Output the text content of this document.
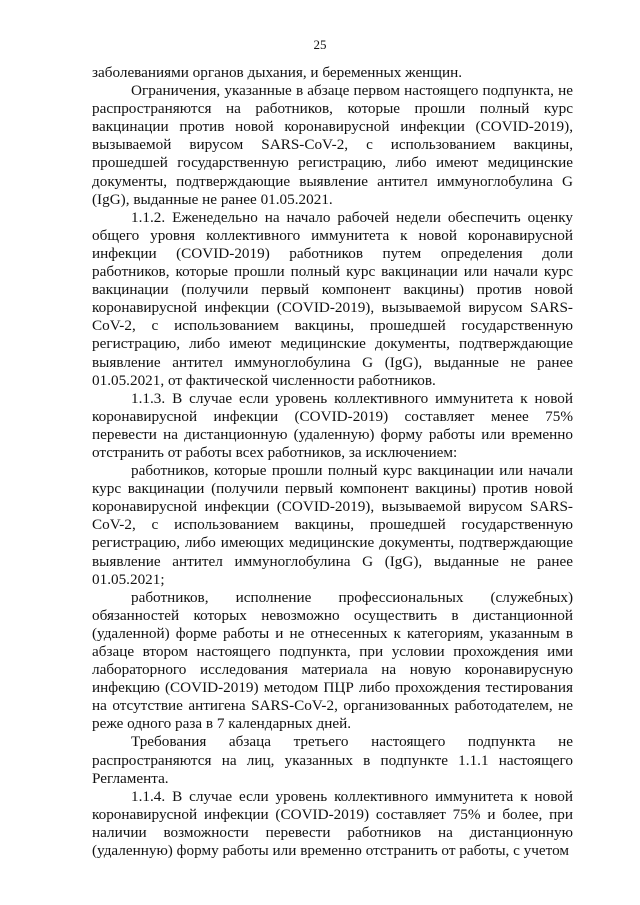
25

заболеваниями органов дыхания, и беременных женщин.

Ограничения, указанные в абзаце первом настоящего подпункта, не распространяются на работников, которые прошли полный курс вакцинации против новой коронавирусной инфекции (COVID-2019), вызываемой вирусом SARS-CoV-2, с использованием вакцины, прошедшей государственную регистрацию, либо имеют медицинские документы, подтверждающие выявление антител иммуноглобулина G (IgG), выданные не ранее 01.05.2021.

1.1.2. Еженедельно на начало рабочей недели обеспечить оценку общего уровня коллективного иммунитета к новой коронавирусной инфекции (COVID-2019) работников путем определения доли работников, которые прошли полный курс вакцинации или начали курс вакцинации (получили первый компонент вакцины) против новой коронавирусной инфекции (COVID-2019), вызываемой вирусом SARS-CoV-2, с использованием вакцины, прошедшей государственную регистрацию, либо имеют медицинские документы, подтверждающие выявление антител иммуноглобулина G (IgG), выданные не ранее 01.05.2021, от фактической численности работников.

1.1.3. В случае если уровень коллективного иммунитета к новой коронавирусной инфекции (COVID-2019) составляет менее 75% перевести на дистанционную (удаленную) форму работы или временно отстранить от работы всех работников, за исключением:

работников, которые прошли полный курс вакцинации или начали курс вакцинации (получили первый компонент вакцины) против новой коронавирусной инфекции (COVID-2019), вызываемой вирусом SARS-CoV-2, с использованием вакцины, прошедшей государственную регистрацию, либо имеющих медицинские документы, подтверждающие выявление антител иммуноглобулина G (IgG), выданные не ранее 01.05.2021;

работников, исполнение профессиональных (служебных) обязанностей которых невозможно осуществить в дистанционной (удаленной) форме работы и не отнесенных к категориям, указанным в абзаце втором настоящего подпункта, при условии прохождения ими лабораторного исследования материала на новую коронавирусную инфекцию (COVID-2019) методом ПЦР либо прохождения тестирования на отсутствие антигена SARS-CoV-2, организованных работодателем, не реже одного раза в 7 календарных дней.

Требования абзаца третьего настоящего подпункта не распространяются на лиц, указанных в подпункте 1.1.1 настоящего Регламента.

1.1.4. В случае если уровень коллективного иммунитета к новой коронавирусной инфекции (COVID-2019) составляет 75% и более, при наличии возможности перевести работников на дистанционную (удаленную) форму работы или временно отстранить от работы, с учетом
